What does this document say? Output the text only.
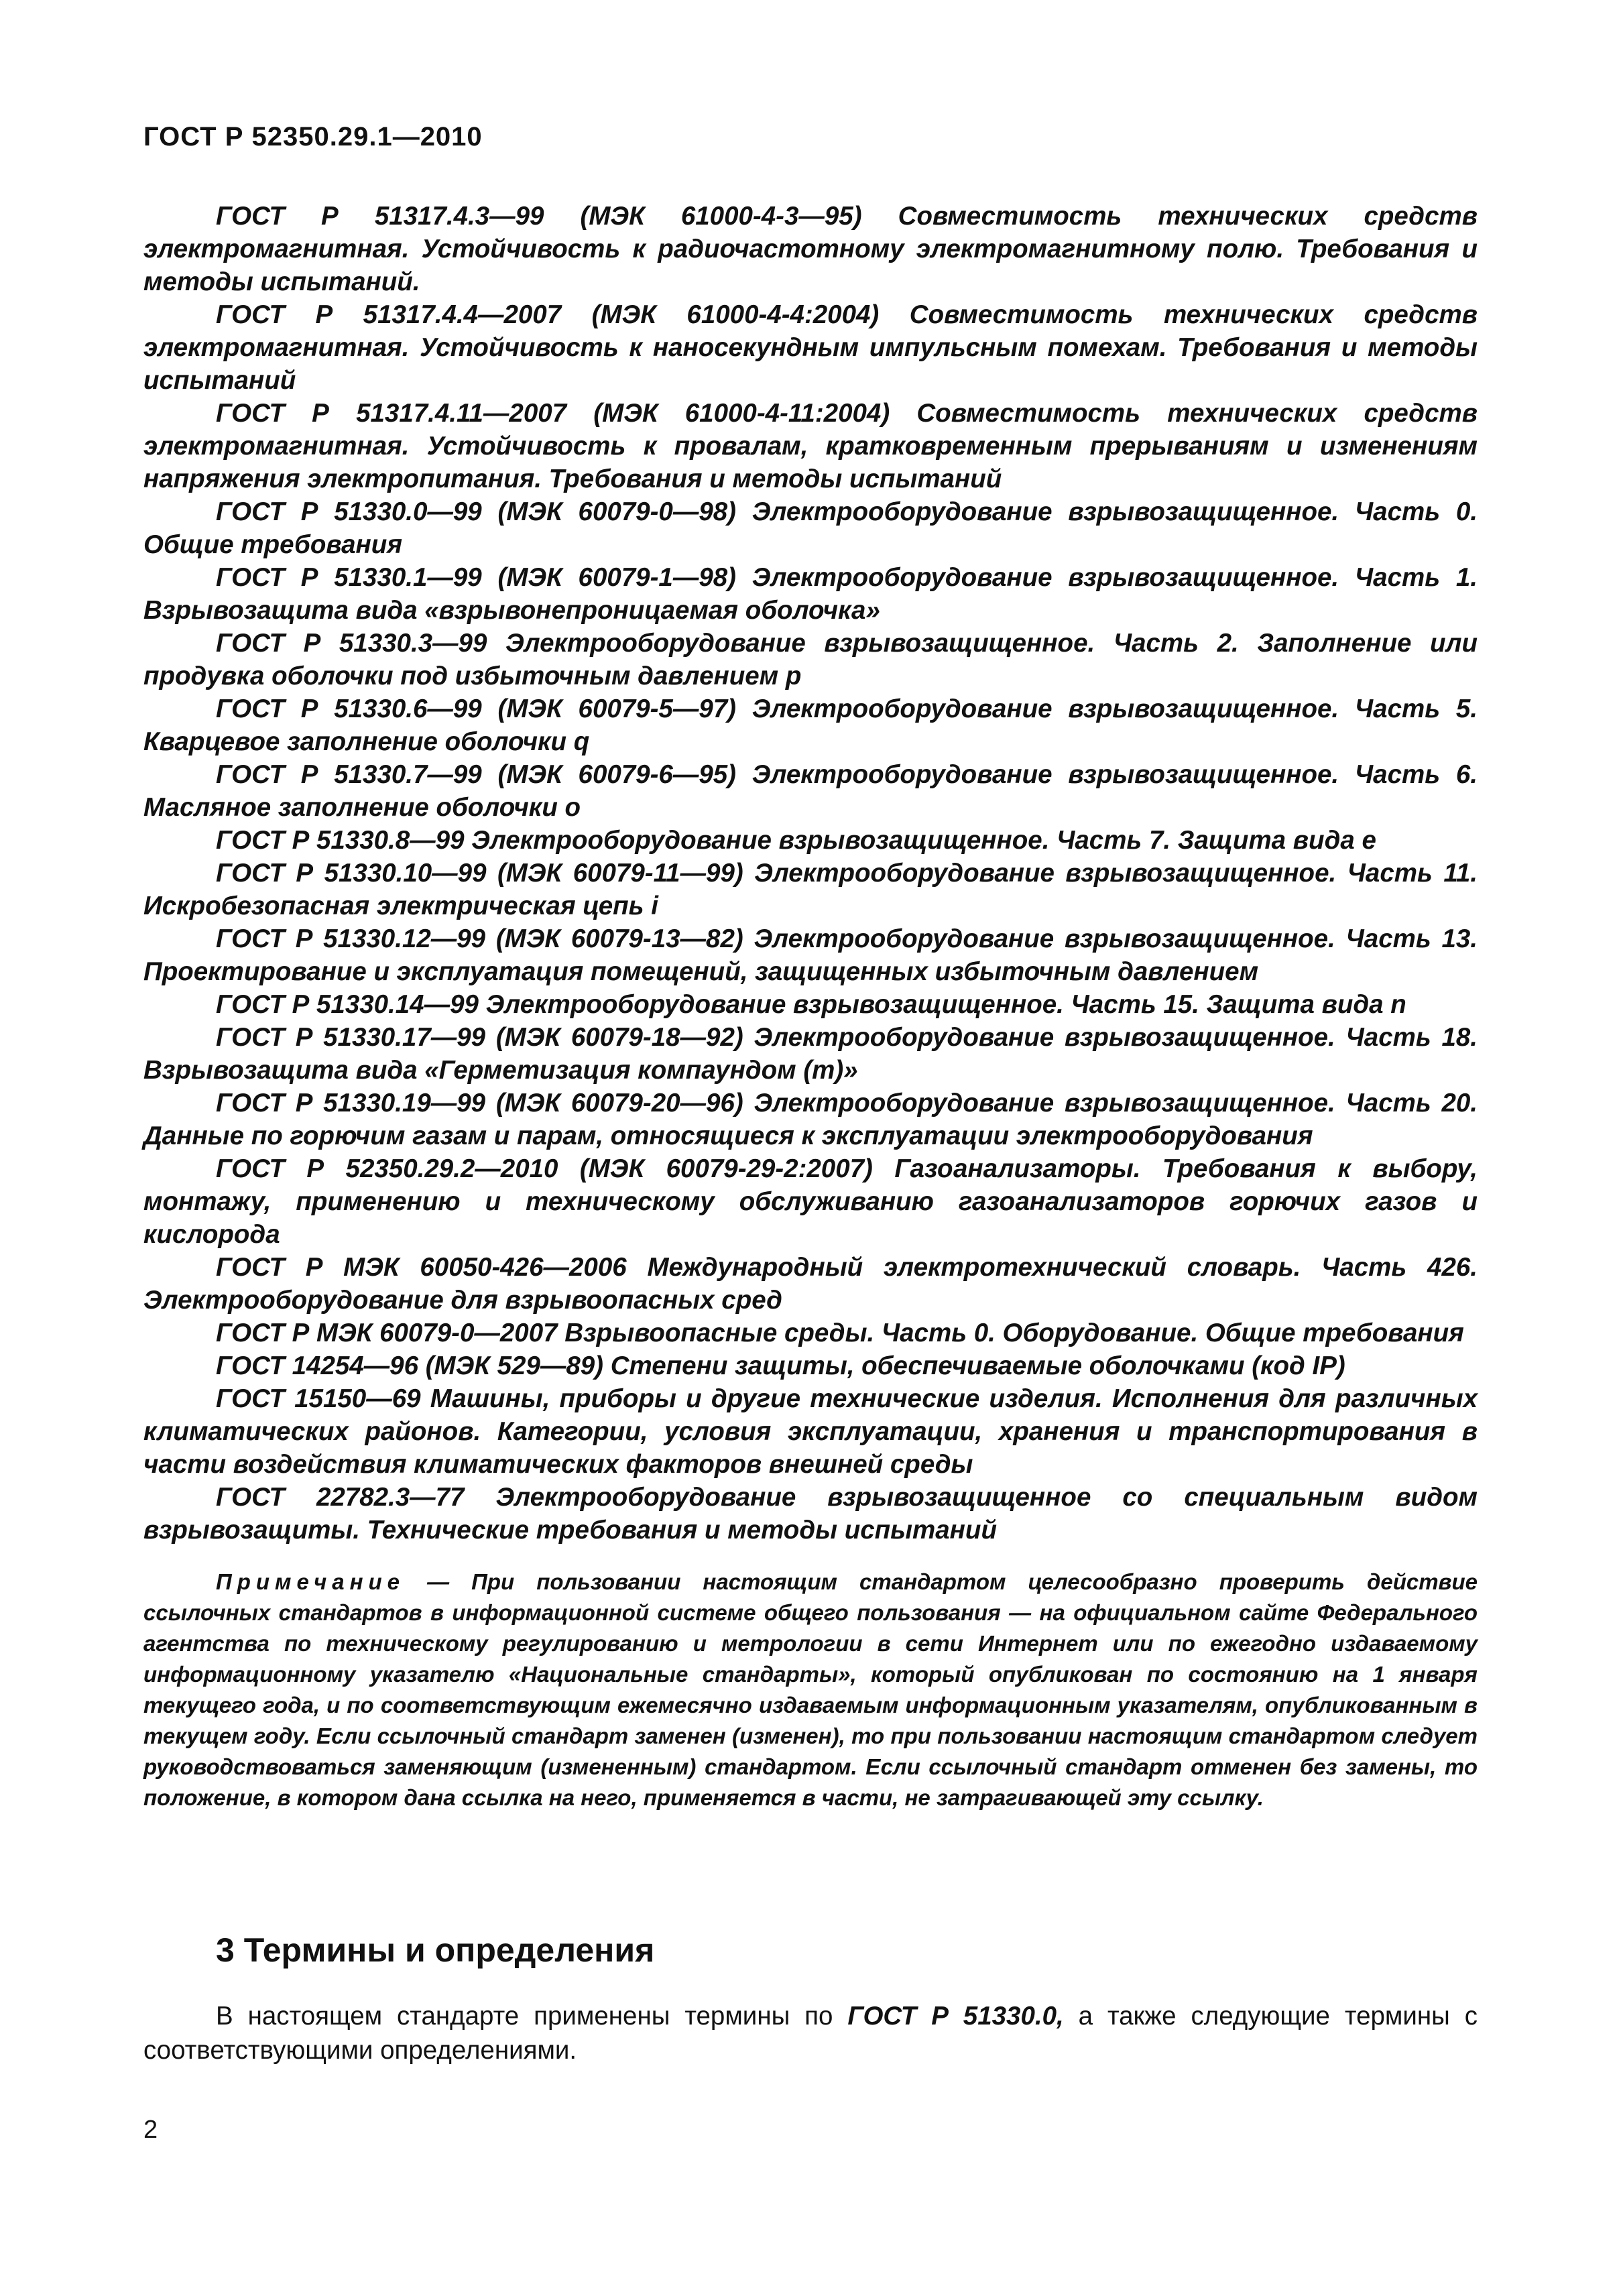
ГОСТ Р 52350.29.1—2010

ГОСТ Р 51317.4.3—99 (МЭК 61000-4-3—95) Совместимость технических средств электромагнитная. Устойчивость к радиочастотному электромагнитному полю. Требования и методы испытаний.

ГОСТ Р 51317.4.4—2007 (МЭК 61000-4-4:2004) Совместимость технических средств электромагнитная. Устойчивость к наносекундным импульсным помехам. Требования и методы испытаний

ГОСТ Р 51317.4.11—2007 (МЭК 61000-4-11:2004) Совместимость технических средств электромагнитная. Устойчивость к провалам, кратковременным прерываниям и изменениям напряжения электропитания. Требования и методы испытаний

ГОСТ Р 51330.0—99 (МЭК 60079-0—98) Электрооборудование взрывозащищенное. Часть 0. Общие требования

ГОСТ Р 51330.1—99 (МЭК 60079-1—98) Электрооборудование взрывозащищенное. Часть 1. Взрывозащита вида «взрывонепроницаемая оболочка»

ГОСТ Р 51330.3—99 Электрооборудование взрывозащищенное. Часть 2. Заполнение или продувка оболочки под избыточным давлением p

ГОСТ Р 51330.6—99 (МЭК 60079-5—97) Электрооборудование взрывозащищенное. Часть 5. Кварцевое заполнение оболочки q

ГОСТ Р 51330.7—99 (МЭК 60079-6—95) Электрооборудование взрывозащищенное. Часть 6. Масляное заполнение оболочки o

ГОСТ Р 51330.8—99 Электрооборудование взрывозащищенное. Часть 7. Защита вида e

ГОСТ Р 51330.10—99 (МЭК 60079-11—99) Электрооборудование взрывозащищенное. Часть 11. Искробезопасная электрическая цепь i

ГОСТ Р 51330.12—99 (МЭК 60079-13—82) Электрооборудование взрывозащищенное. Часть 13. Проектирование и эксплуатация помещений, защищенных избыточным давлением

ГОСТ Р 51330.14—99 Электрооборудование взрывозащищенное. Часть 15. Защита вида n

ГОСТ Р 51330.17—99 (МЭК 60079-18—92) Электрооборудование взрывозащищенное. Часть 18. Взрывозащита вида «Герметизация компаундом (m)»

ГОСТ Р 51330.19—99 (МЭК 60079-20—96) Электрооборудование взрывозащищенное. Часть 20. Данные по горючим газам и парам, относящиеся к эксплуатации электрооборудования

ГОСТ Р 52350.29.2—2010 (МЭК 60079-29-2:2007) Газоанализаторы. Требования к выбору, монтажу, применению и техническому обслуживанию газоанализаторов горючих газов и кислорода

ГОСТ Р МЭК 60050-426—2006 Международный электротехнический словарь. Часть 426. Электрооборудование для взрывоопасных сред

ГОСТ Р МЭК 60079-0—2007 Взрывоопасные среды. Часть 0. Оборудование. Общие требования

ГОСТ 14254—96 (МЭК 529—89) Степени защиты, обеспечиваемые оболочками (код IP)

ГОСТ 15150—69 Машины, приборы и другие технические изделия. Исполнения для различных климатических районов. Категории, условия эксплуатации, хранения и транспортирования в части воздействия климатических факторов внешней среды

ГОСТ 22782.3—77 Электрооборудование взрывозащищенное со специальным видом взрывозащиты. Технические требования и методы испытаний

Примечание — При пользовании настоящим стандартом целесообразно проверить действие ссылочных стандартов в информационной системе общего пользования — на официальном сайте Федерального агентства по техническому регулированию и метрологии в сети Интернет или по ежегодно издаваемому информационному указателю «Национальные стандарты», который опубликован по состоянию на 1 января текущего года, и по соответствующим ежемесячно издаваемым информационным указателям, опубликованным в текущем году. Если ссылочный стандарт заменен (изменен), то при пользовании настоящим стандартом следует руководствоваться заменяющим (измененным) стандартом. Если ссылочный стандарт отменен без замены, то положение, в котором дана ссылка на него, применяется в части, не затрагивающей эту ссылку.

3 Термины и определения

В настоящем стандарте применены термины по ГОСТ Р 51330.0, а также следующие термины с соответствующими определениями.

2
